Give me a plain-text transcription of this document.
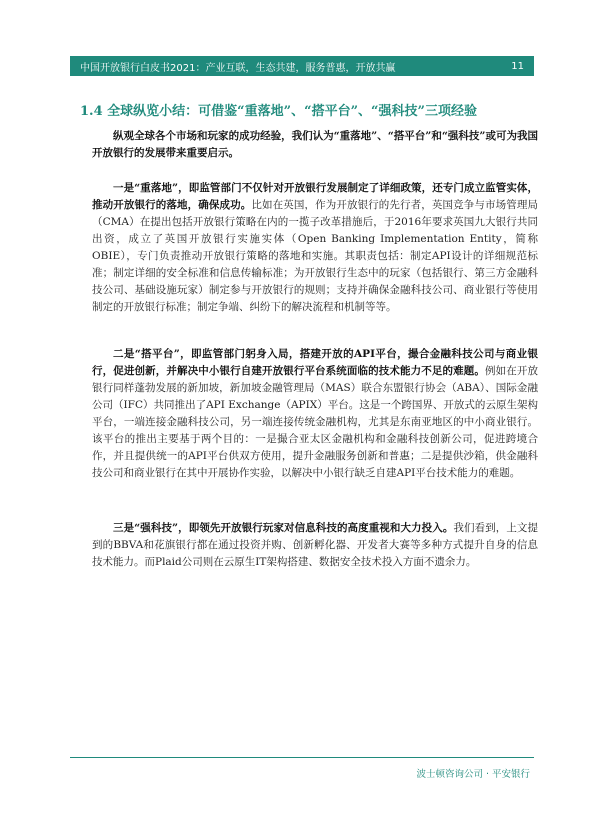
中国开放银行白皮书2021：产业互联，生态共建，服务普惠，开放共赢	11
1.4 全球纵览小结：可借鉴“重落地”、“搭平台”、“强科技”三项经验

纵观全球各个市场和玩家的成功经验，我们认为“重落地”、“搭平台”和“强科技”或可为我国开放银行的发展带来重要启示。

一是“重落地”，即监管部门不仅针对开放银行发展制定了详细政策，还专门成立监管实体，推动开放银行的落地，确保成功。比如在英国，作为开放银行的先行者，英国竞争与市场管理局（CMA）在提出包括开放银行策略在内的一揽子改革措施后，于2016年要求英国九大银行共同出资，成立了英国开放银行实施实体（Open Banking Implementation Entity，简称OBIE），专门负责推动开放银行策略的落地和实施。其职责包括：制定API设计的详细规范标准；制定详细的安全标准和信息传输标准；为开放银行生态中的玩家（包括银行、第三方金融科技公司、基础设施玩家）制定参与开放银行的规则；支持并确保金融科技公司、商业银行等使用制定的开放银行标准；制定争端、纠纷下的解决流程和机制等等。

二是“搭平台”，即监管部门躬身入局，搭建开放的API平台，撮合金融科技公司与商业银行，促进创新，并解决中小银行自建开放银行平台系统面临的技术能力不足的难题。例如在开放银行同样蓬勃发展的新加坡，新加坡金融管理局（MAS）联合东盟银行协会（ABA）、国际金融公司（IFC）共同推出了API Exchange（APIX）平台。这是一个跨国界、开放式的云原生架构平台，一端连接金融科技公司，另一端连接传统金融机构，尤其是东南亚地区的中小商业银行。该平台的推出主要基于两个目的：一是撮合亚太区金融机构和金融科技创新公司，促进跨境合作，并且提供统一的API平台供双方使用，提升金融服务创新和普惠；二是提供沙箱，供金融科技公司和商业银行在其中开展协作实验，以解决中小银行缺乏自建API平台技术能力的难题。

三是“强科技”，即领先开放银行玩家对信息科技的高度重视和大力投入。我们看到，上文提到的BBVA和花旗银行都在通过投资并购、创新孵化器、开发者大赛等多种方式提升自身的信息技术能力。而Plaid公司则在云原生IT架构搭建、数据安全技术投入方面不遗余力。

波士顿咨询公司 · 平安银行
